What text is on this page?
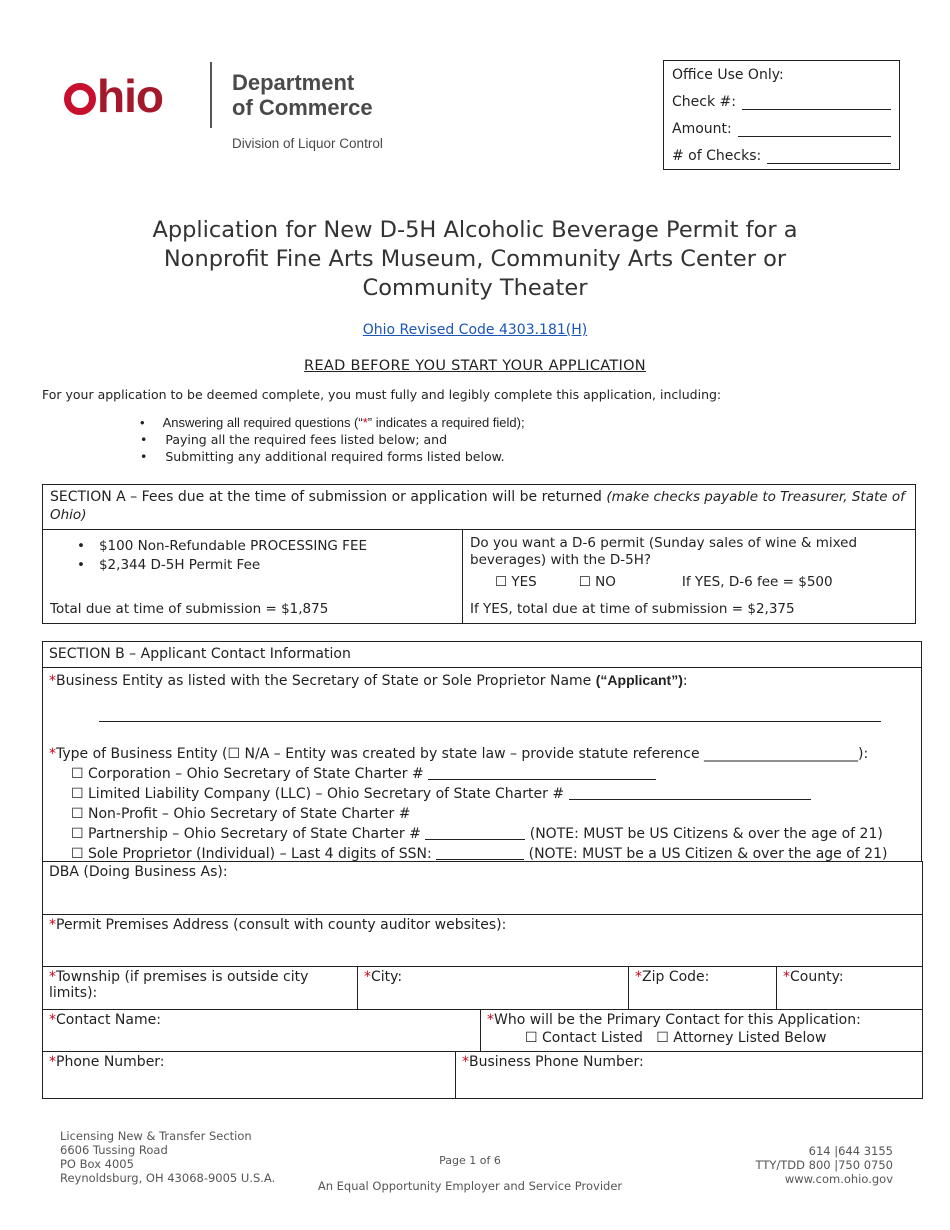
hio	Department
of Commerce
Division of Liquor Control
Office Use Only:
Check #:
Amount:
# of Checks:
Application for New D-5H Alcoholic Beverage Permit for a
Nonprofit Fine Arts Museum, Community Arts Center or
Community Theater
Ohio Revised Code 4303.181(H)
READ BEFORE YOU START YOUR APPLICATION
For your application to be deemed complete, you must fully and legibly complete this application, including:
• Answering all required questions (“*” indicates a required field);
• Paying all the required fees listed below; and
• Submitting any additional required forms listed below.
SECTION A – Fees due at the time of submission or application will be returned (make checks payable to Treasurer, State of Ohio)
• $100 Non-Refundable PROCESSING FEE
• $2,344 D-5H Permit Fee
Total due at time of submission = $1,875
Do you want a D-6 permit (Sunday sales of wine & mixed beverages) with the D-5H?
☐ YES	☐ NO	If YES, D-6 fee = $500
If YES, total due at time of submission = $2,375
SECTION B – Applicant Contact Information
*Business Entity as listed with the Secretary of State or Sole Proprietor Name (“Applicant”):
*Type of Business Entity (☐ N/A – Entity was created by state law – provide statute reference ______________________):
☐ Corporation – Ohio Secretary of State Charter #
☐ Limited Liability Company (LLC) – Ohio Secretary of State Charter #
☐ Non-Profit – Ohio Secretary of State Charter #
☐ Partnership – Ohio Secretary of State Charter #	(NOTE: MUST be US Citizens & over the age of 21)
☐ Sole Proprietor (Individual) – Last 4 digits of SSN:	(NOTE: MUST be a US Citizen & over the age of 21)
DBA (Doing Business As):
*Permit Premises Address (consult with county auditor websites):
*Township (if premises is outside city limits):	*City:	*Zip Code:	*County:
*Contact Name:	*Who will be the Primary Contact for this Application:
☐ Contact Listed ☐ Attorney Listed Below
*Phone Number:	*Business Phone Number:
Licensing New & Transfer Section
6606 Tussing Road
PO Box 4005
Reynoldsburg, OH 43068-9005 U.S.A.
Page 1 of 6
An Equal Opportunity Employer and Service Provider
614 |644 3155
TTY/TDD 800 |750 0750
www.com.ohio.gov
